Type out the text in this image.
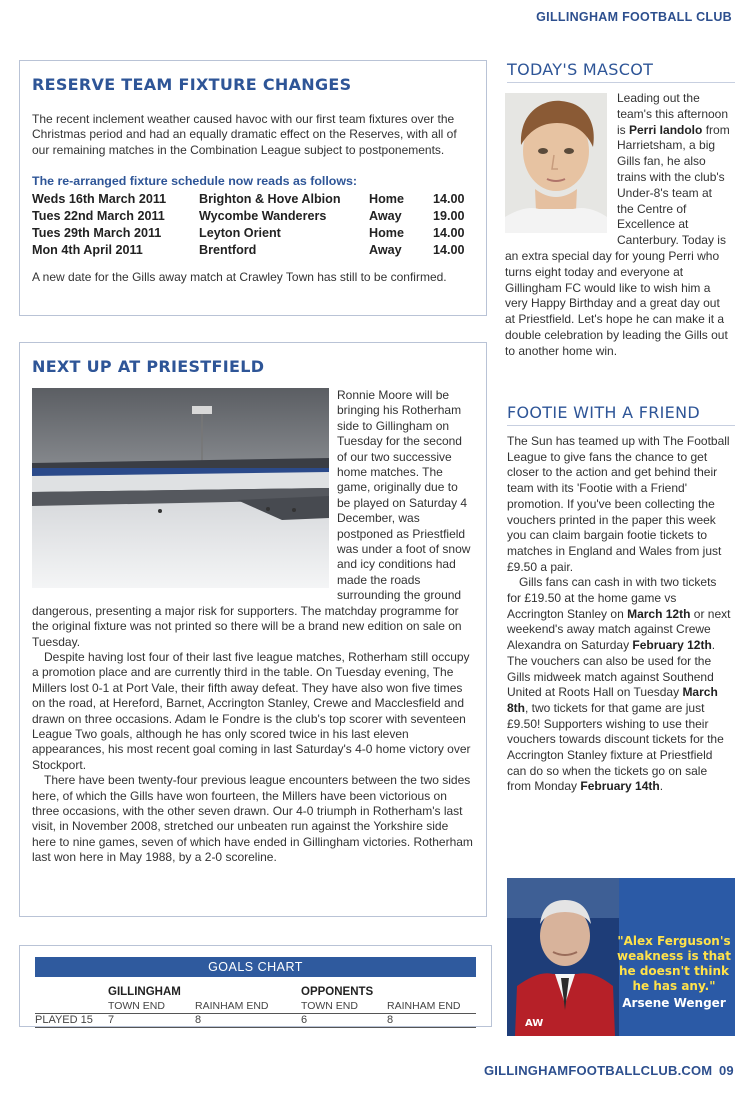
GILLINGHAM FOOTBALL CLUB
RESERVE TEAM FIXTURE CHANGES

The recent inclement weather caused havoc with our first team fixtures over the Christmas period and had an equally dramatic effect on the Reserves, with all of our remaining matches in the Combination League subject to postponements.

The re-arranged fixture schedule now reads as follows:
Weds 16th March 2011	Brighton & Hove Albion	Home	14.00
Tues 22nd March 2011	Wycombe Wanderers	Away	19.00
Tues 29th March 2011	Leyton Orient	Home	14.00
Mon 4th April 2011	Brentford	Away	14.00

A new date for the Gills away match at Crawley Town has still to be confirmed.

NEXT UP AT PRIESTFIELD

Ronnie Moore will be bringing his Rotherham side to Gillingham on Tuesday for the second of our two successive home matches. The game, originally due to be played on Saturday 4 December, was postponed as Priestfield was under a foot of snow and icy conditions had made the roads surrounding the ground dangerous, presenting a major risk for supporters. The matchday programme for the original fixture was not printed so there will be a brand new edition on sale on Tuesday.

Despite having lost four of their last five league matches, Rotherham still occupy a promotion place and are currently third in the table. On Tuesday evening, The Millers lost 0-1 at Port Vale, their fifth away defeat. They have also won five times on the road, at Hereford, Barnet, Accrington Stanley, Crewe and Macclesfield and drawn on three occasions. Adam le Fondre is the club's top scorer with seventeen League Two goals, although he has only scored twice in his last eleven appearances, his most recent goal coming in last Saturday's 4-0 home victory over Stockport.

There have been twenty-four previous league encounters between the two sides here, of which the Gills have won fourteen, the Millers have been victorious on three occasions, with the other seven drawn. Our 4-0 triumph in Rotherham's last visit, in November 2008, stretched our unbeaten run against the Yorkshire side here to nine games, seven of which have ended in Gillingham victories. Rotherham last won here in May 1988, by a 2-0 scoreline.

GOALS CHART
GILLINGHAM	OPPONENTS
TOWN END	RAINHAM END	TOWN END	RAINHAM END
PLAYED 15 7	8	6	8
TODAY'S MASCOT
Leading out the team's this afternoon is Perri Iandolo from Harrietsham, a big Gills fan, he also trains with the club's Under-8's team at the Centre of Excellence at Canterbury. Today is an extra special day for young Perri who turns eight today and everyone at Gillingham FC would like to wish him a very Happy Birthday and a great day out at Priestfield. Let's hope he can make it a double celebration by leading the Gills out to another home win.
FOOTIE WITH A FRIEND

The Sun has teamed up with The Football League to give fans the chance to get closer to the action and get behind their team with its 'Footie with a Friend' promotion. If you've been collecting the vouchers printed in the paper this week you can claim bargain footie tickets to matches in England and Wales from just £9.50 a pair.

Gills fans can cash in with two tickets for £19.50 at the home game vs Accrington Stanley on March 12th or next weekend's away match against Crewe Alexandra on Saturday February 12th. The vouchers can also be used for the Gills midweek match against Southend United at Roots Hall on Tuesday March 8th, two tickets for that game are just £9.50! Supporters wishing to use their vouchers towards discount tickets for the Accrington Stanley fixture at Priestfield can do so when the tickets go on sale from Monday February 14th.

AW
"Alex Ferguson's weakness is that he doesn't think he has any."
Arsene Wenger
GILLINGHAMFOOTBALLCLUB.COM 09
